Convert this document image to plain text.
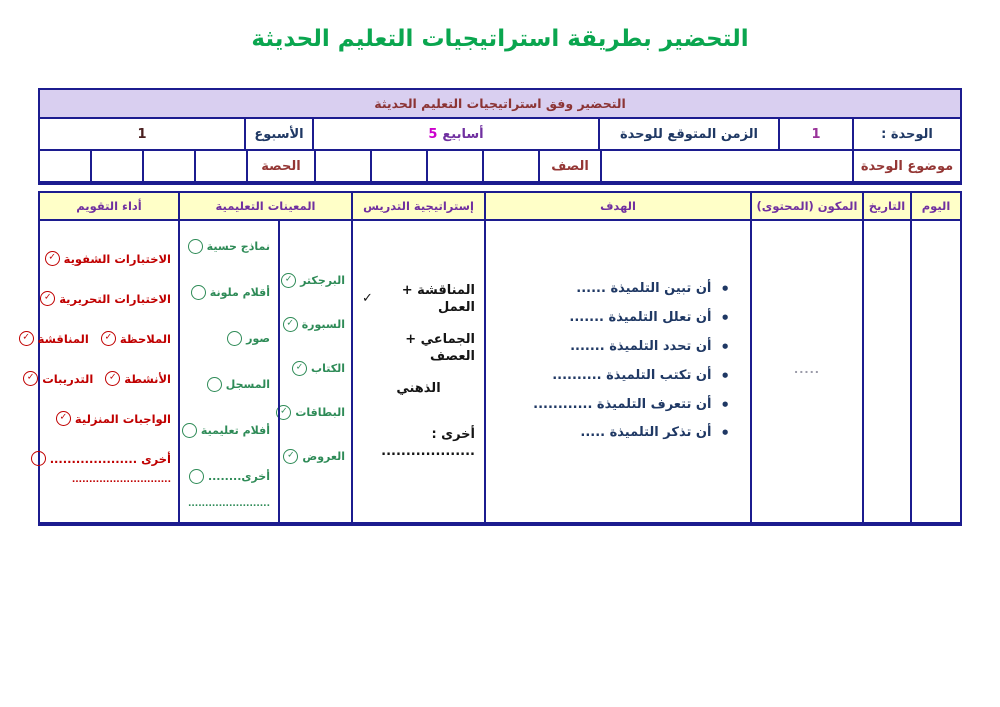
التحضير بطريقة استراتيجيات التعليم الحديثة
التحضير وفق استراتيجيات التعليم الحديثة
الوحدة :
1
الزمن المتوقع للوحدة
أسابيع
5
الأسبوع
1
موضوع الوحدة
الصف
الحصة
اليوم
التاريخ
المكون (المحتوى)
الهدف
إستراتيجية التدريس
المعينات التعليمية
أداء التقويم
.....
•
أن تبين التلميذة ......
•
أن تعلل التلميذة .......
•
أن تحدد التلميذة .......
•
أن تكتب التلميذة ..........
•
أن تتعرف التلميذة ............
•
أن تذكر التلميذة .....
المناقشة + العمل
✓
الجماعي + العصف
الذهني
أخرى : ...................
البرجكتر
✓
السبورة
✓
الكتاب
✓
البطاقات
✓
العروض
✓
نماذج حسية
أقلام ملونة
صور
المسجل
أفلام تعليمية
أخرى........
........................
الاختبارات الشفوية
✓
الاختبارات التحريرية
✓
الملاحظة
✓
المناقشة
✓
الأنشطة
✓
التدريبات
✓
الواجبات المنزلية
✓
أخرى ....................
.............................
